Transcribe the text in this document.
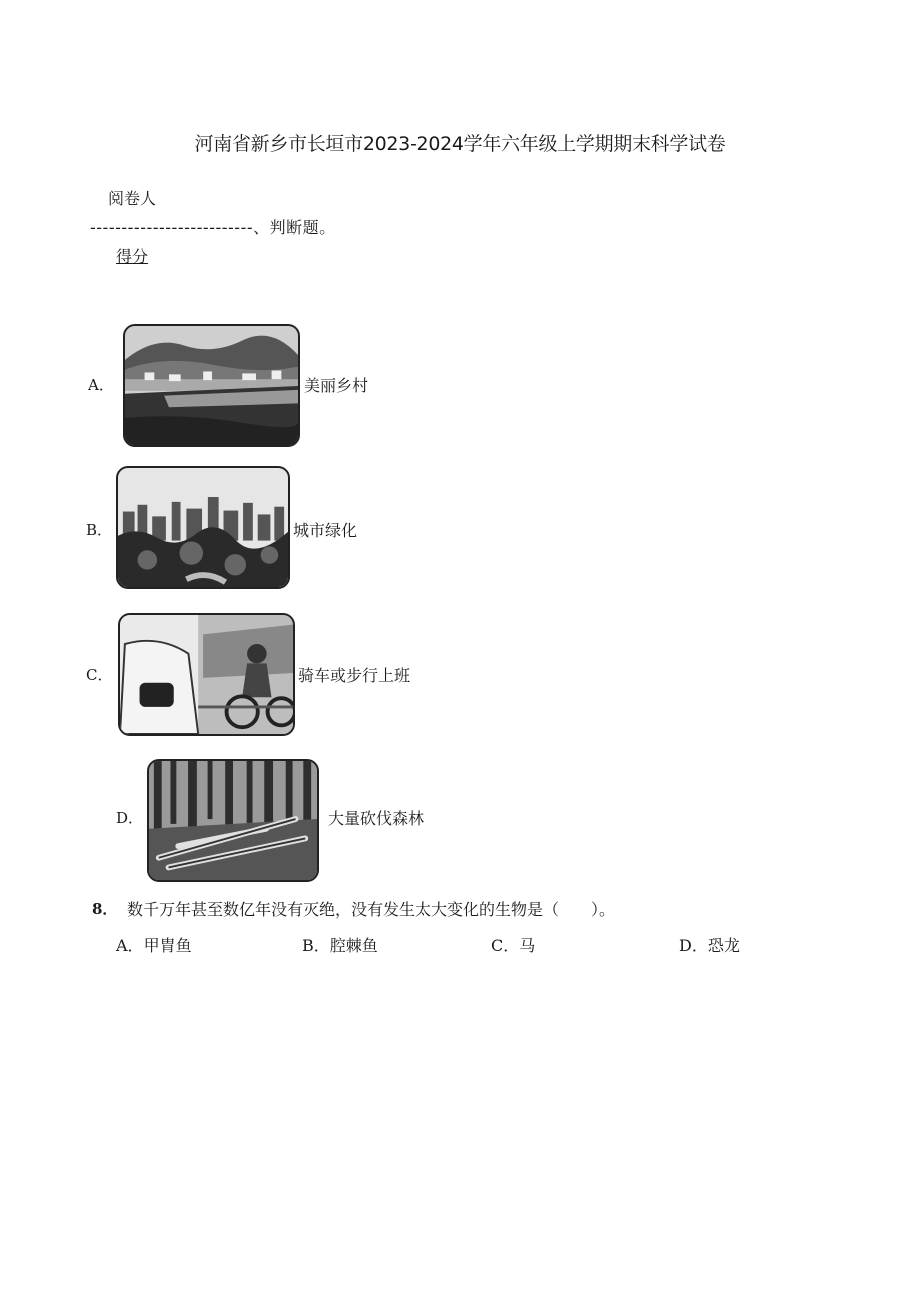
河南省新乡市长垣市2023-2024学年六年级上学期期末科学试卷
阅卷人
--------------------------、判断题。
得分
A．	美丽乡村
B．	城市绿化
C．	骑车或步行上班
D．	大量砍伐森林
8． 数千万年甚至数亿年没有灭绝，没有发生太大变化的生物是（　　）。
A．甲胄鱼	B．腔棘鱼	C．马	D．恐龙
